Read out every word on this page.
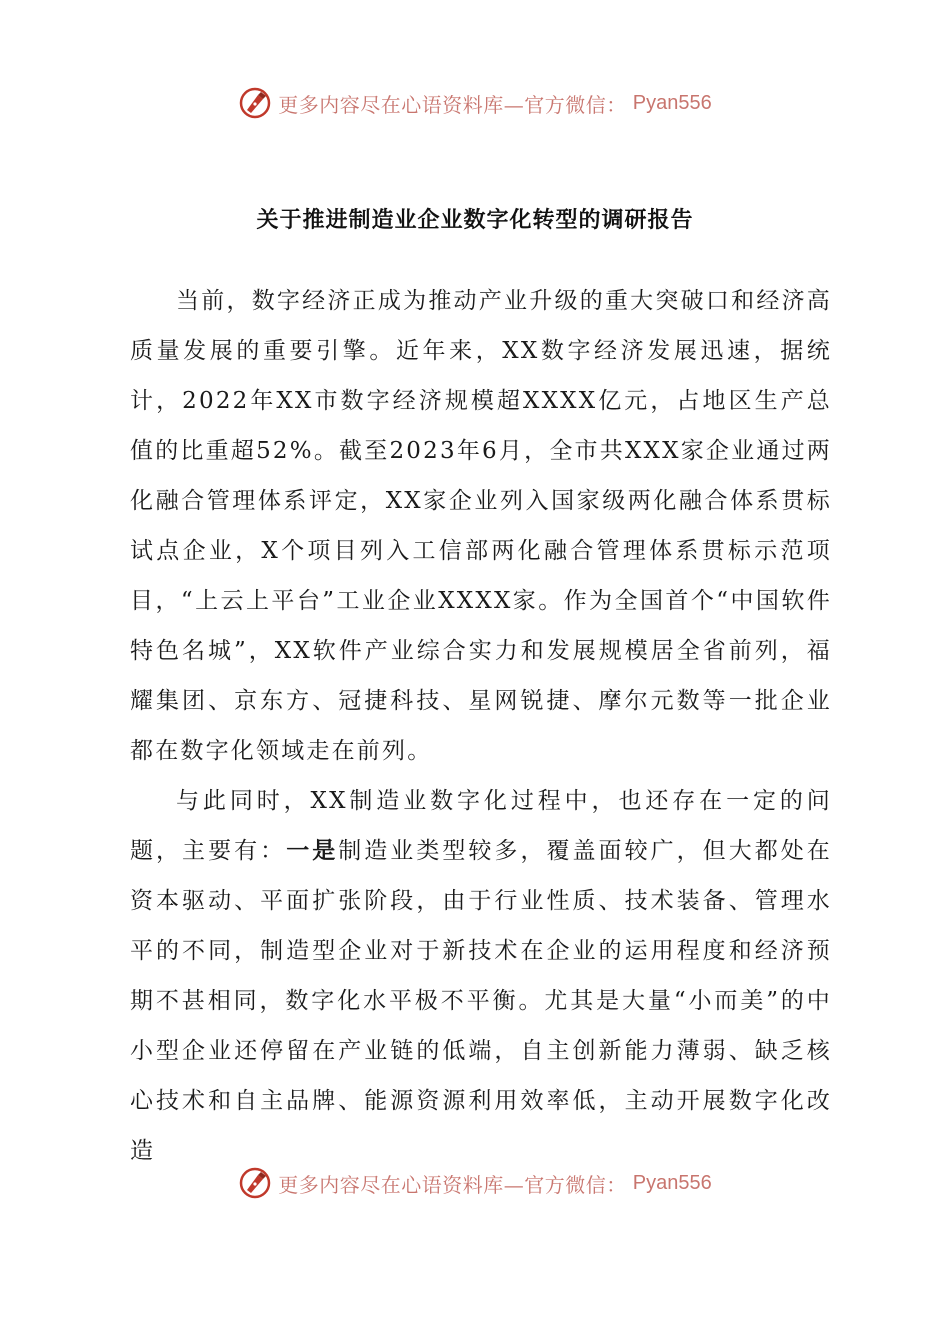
更多内容尽在心语资料库—官方微信： Pyan556
关于推进制造业企业数字化转型的调研报告

当前，数字经济正成为推动产业升级的重大突破口和经济高质量发展的重要引擎。近年来，XX数字经济发展迅速，据统计，2022年XX市数字经济规模超XXXX亿元，占地区生产总值的比重超52%。截至2023年6月，全市共XXX家企业通过两化融合管理体系评定，XX家企业列入国家级两化融合体系贯标试点企业，X个项目列入工信部两化融合管理体系贯标示范项目，“上云上平台”工业企业XXXX家。作为全国首个“中国软件特色名城”，XX软件产业综合实力和发展规模居全省前列，福耀集团、京东方、冠捷科技、星网锐捷、摩尔元数等一批企业都在数字化领域走在前列。

与此同时，XX制造业数字化过程中，也还存在一定的问题，主要有：一是制造业类型较多，覆盖面较广，但大都处在资本驱动、平面扩张阶段，由于行业性质、技术装备、管理水平的不同，制造型企业对于新技术在企业的运用程度和经济预期不甚相同，数字化水平极不平衡。尤其是大量“小而美”的中小型企业还停留在产业链的低端，自主创新能力薄弱、缺乏核心技术和自主品牌、能源资源利用效率低，主动开展数字化改造

更多内容尽在心语资料库—官方微信： Pyan556
